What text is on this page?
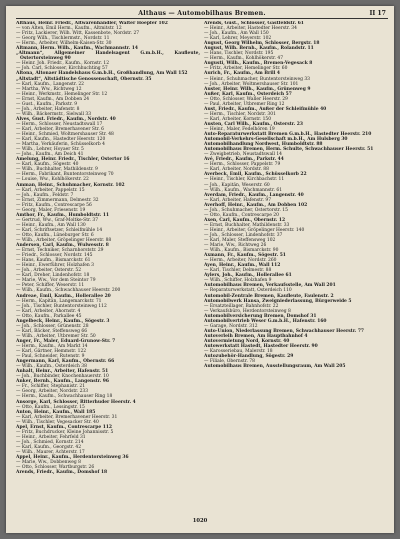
Althaus — Automobilhaus Bremen.	II 17

Althaus, Heinr. Friedr., Altwarenhändler, Walter Hoepfer 102

— von Alten, Emil Herm., Kaufm., Altmitstr. 12

— Fritz, Lackierer, Wilh. Witt, Kassenbote, Nordstr. 27

— Georg Wilh., Tischlermstr., Nordstr. 11

— Herm., Arbeiter, Wilhelm-Kaisen-Str. 30

Altmann, Herm. Wilh., Kaufm., Wachmannstr. 14

„Altmann“, Allgemeiner Handelsagent G.m.b.H., Kaufleute, Ostertorsteinweg 90

— Heinr. Joh. Friedr., Kaufm., Kornstr. 12

— Joh. Carl, Schlosser, Kirchhuchting 57

Altona, Altonaer Handelshaus G.m.b.H., Großhandlung, Am Wall 152

„Altstadt“, Altstädtische Genossenschaft, Obernstr. 35

— Karl, Kaufm., Langenstr. 22

— Martha, Ww., Richtweg 12

— Heinr., Werkmstr., Hemelinger Str. 12

— Ernst, Kaufm., Am Dobben 24

— Gust., Kaufm., Parkstr. 9

— Joh., Arbeiter, Hafenstr. 8

— Wilh., Bäckermstr., Sielwall 33

Alves, Gust. Friedr., Kaufm., Nordstr. 40

— Herm., Schlosser, Neustadtswall 17

— Karl, Arbeiter, Bremerhavener Str. 6

— Heinr., Schmied, Woltmershauser Str. 48

— Karl, Kaufm., Hastedter Heerstr. 120

— Martha, Verkäuferin, Schüsselkorb 4

— Wilh., Lehrer, Hoyaer Str. 5

— Johs., Kaufm., Am Deich 41

Amelung, Heinr. Friedr., Tischler, Ostertor 16

— Karl, Kaufm., Sögestr. 40

— Wilh., Buchhalter, Mathildenstr. 9

— Herm., Fabrikant, Buntentorsteinweg 70

— Louise, Ww., Kohlhökerstr. 22

Amman, Heinr., Schuhmacher, Kornstr. 102

— Karl, Arbeiter, Pappelstr. 15

— Joh., Kaufm., Feldstr. 7

— Ernst, Zimmermann, Delmestr. 32

— Fritz, Kaufm., Contrescarpe 56

— Georg, Maler, Friesenstr. 19

Amthor, Fr., Kaufm., Humboldtstr. 11

— Gertrud, Ww., Graf-Moltke-Str. 37

— Heinr., Kaufm., Am Wall 130

— Karl, Schriftsetzer, Schleifmühle 14

— Otto, Kaufm., Lüneburger Str. 6

— Wilh., Arbeiter, Gröpelinger Heerstr. 88

Andersen, Carl, Kaufm., Wulwesstr. 8

— Ernst, Techniker, Scharnhorststr. 29

— Friedr., Schlosser, Nordstr. 145

— Hans, Kaufm., Bismarckstr. 61

— Heinr., Ewerführer, Holzhafen 3

— Joh., Arbeiter, Osterstr. 52

— Karl, Dreher, Lindenhofstr. 18

— Marie, Ww., Vor dem Steintor 79

— Peter, Schiffer, Weserstr. 11

— Wilh., Kaufm., Schwachhauser Heerstr. 200

Andreae, Emil, Kaufm., Hollerallee 20

— Herm., Kapitän, Langemarckstr. 71

— Joh., Tischler, Buntentorsteinweg 112

— Karl, Arbeiter, Ahornstr. 4

— Otto, Kaufm., Parkallee 45

Angelbeck, Heinr., Kaufm., Sögestr. 3

— Joh., Schlosser, Grünenstr. 28

— Karl, Bäcker, Steffensweg 66

— Wilh., Arbeiter, Utbremer Str. 50

Anger, Fr., Maler, Eduard-Grunow-Str. 7

— Herm., Kaufm., Am Markt 14

— Karl, Gärtner, Hemmstr. 122

— Paul, Schneider, Rutenstr. 9

Angermann, Karl, Kaufm., Obernstr. 66

— Wilh., Kaufm., Osterdeich 38

Anhalt, Heinr., Arbeiter, Hafenstr. 51

— Joh., Buchbinder, Knochenhauerstr. 10

Anker, Bernh., Kaufm., Langenstr. 96

— Fr., Schiffer, Stephanistr. 21

— Georg, Arbeiter, Nordstr. 233

— Herm., Kaufm., Schwachhauser Ring 18

Ansorge, Karl, Schlosser, Ritterhuder Heerstr. 4

— Otto, Kaufm., Lessingstr. 15

Anton, Heinr., Kaufm., Wall 185

— Karl, Arbeiter, Bremerhavener Heerstr. 31

— Wilh., Tischler, Vegesacker Str. 40

Apel, Ernst, Kaufm., Contrescarpe 112

— Fritz, Buchdrucker, Kleine Johannisstr. 5

— Heinr., Arbeiter, Fehrfeld 31

— Joh., Schmied, Kornstr. 214

— Karl, Kaufm., Georgstr. 42

— Wilh., Maurer, Achterstr. 17

Appel, Heinr., Kaufm., Herdentorsteinweg 36

— Marie, Ww., Dobbenweg 8

— Otto, Schlosser, Wartburgstr. 26

Arends, Friedr., Kaufm., Domshof 18

Arends, Gust., Schlosser, Gastfeldstr. 61

— Heinr., Arbeiter, Hastedter Heerstr. 34

— Joh., Kaufm., Am Wall 150

— Karl, Lehrer, Meyerstr. 102

August, Georg Wilhelm, Schlosser, Bergstr. 18

August, Wilh. Bernh., Kaufm., Rolandstr. 11

— Hans, Tischler, Nordstr. 195

— Herm., Kaufm., Kohlhökerstr. 47

Augusti, Wilh., Kaufm., Bremen-Vegesack 8

— Fritz, Arbeiter, Hemelinger Str. 60

Aurich, Fr., Kaufm., Am Brill 4

— Heinr., Schuhmacher, Buntentorsteinweg 33

— Joh., Arbeiter, Woltmershauser Str. 101

Auster, Heinr. Wilh., Kaufm., Grünenweg 9

Außer, Karl, Kaufm., Osterdeich 57

— Otto, Schlosser, Waller Heerstr. 29

— Paul, Arbeiter, Utbremer Ring 12

Aust, Friedr., Kaufm., Außer der Schleifmühle 40

— Herm., Tischler, Nordstr. 301

— Karl, Arbeiter, Kornstr. 150

Austen, Carl Wilh., Kaufm., Osterstr. 23

— Heinr., Maler, Fedelhören 19

Auto-Reparaturwerkstatt Bremen G.m.b.H., Hastedter Heerstr. 210

Automobil-Verkehrs-Gesellschaft m.b.H., Am Hulsberg 30

Automobilhandlung Nordwest, Humboldtstr. 88

Automobilhaus Bremen, Herm. Schulte, Schwachhauser Heerstr. 51

— Zweigbetrieb, Neustadtswall 14

Avé, Friedr., Kaufm., Parkstr. 44

— Herm., Schlosser, Pappelstr. 79

— Karl, Arbeiter, Nordstr. 88

Averbeck, Emil, Kaufm., Schüsselkorb 22

— Heinr., Tischler, Kirchbachstr. 11

— Joh., Kapitän, Weserstr. 60

— Wilh., Kaufm., Wachmannstr. 61

Averdam, Friedr., Kaufm., Langenstr. 40

— Karl, Arbeiter, Hafenstr. 97

Averhoff, Heinr., Kaufm., Am Dobben 102

— Joh., Schuhmacher, Ostertorstr. 15

— Otto, Kaufm., Contrescarpe 20

Axen, Carl, Kaufm., Obernstr. 12

— Ernst, Buchhalter, Mathildenstr. 33

— Heinr., Arbeiter, Gröpelinger Heerstr. 140

— Joh., Schlosser, Lindenhofstr. 37

— Karl, Maler, Steffensweg 102

— Marie, Ww., Richtweg 26

— Wilh., Kaufm., Bismarckstr. 90

Axmann, Fr., Kaufm., Sögestr. 51

— Herm., Arbeiter, Nordstr. 260

Ayen, Heinr., Kaufm., Wall 112

— Karl, Tischler, Delmestr. 88

Aylers, Joh., Kaufm., Hollerallee 61

— Wilh., Schiffer, Holzhafen 9

Automobilhaus Bremen, Verkaufsstelle, Am Wall 201

— Reparaturwerkstatt, Osterdeich 110

Automobil-Zentrale Bremen, Kaufleute, Faulenstr. 2

Automobilwerk Hansa, Zweigniederlassung, Bürgerweide 5

— Ersatzteillager, Bahnhofstr. 22

— Verkaufsbüro, Herdentorsteinweg 8

Automobilversicherung Bremen, Domshof 31

Automobilvertrieb Weser G.m.b.H., Hafenstr. 160

— Garage, Nordstr. 312

Auto-Union, Niederlassung Bremen, Schwachhauser Heerstr. 77

Autoverleih Bremen, Am Hauptbahnhof 4

Autovermietung Nord, Kornstr. 40

Autowerkstatt Hastedt, Hastedter Heerstr. 90

— Karosseriebau, Malerstr. 18

Autozubehör-Handlung, Sögestr. 29

— Filiale, Obernstr. 78

Automobilhaus Bremen, Ausstellungsraum, Am Wall 205

1020
